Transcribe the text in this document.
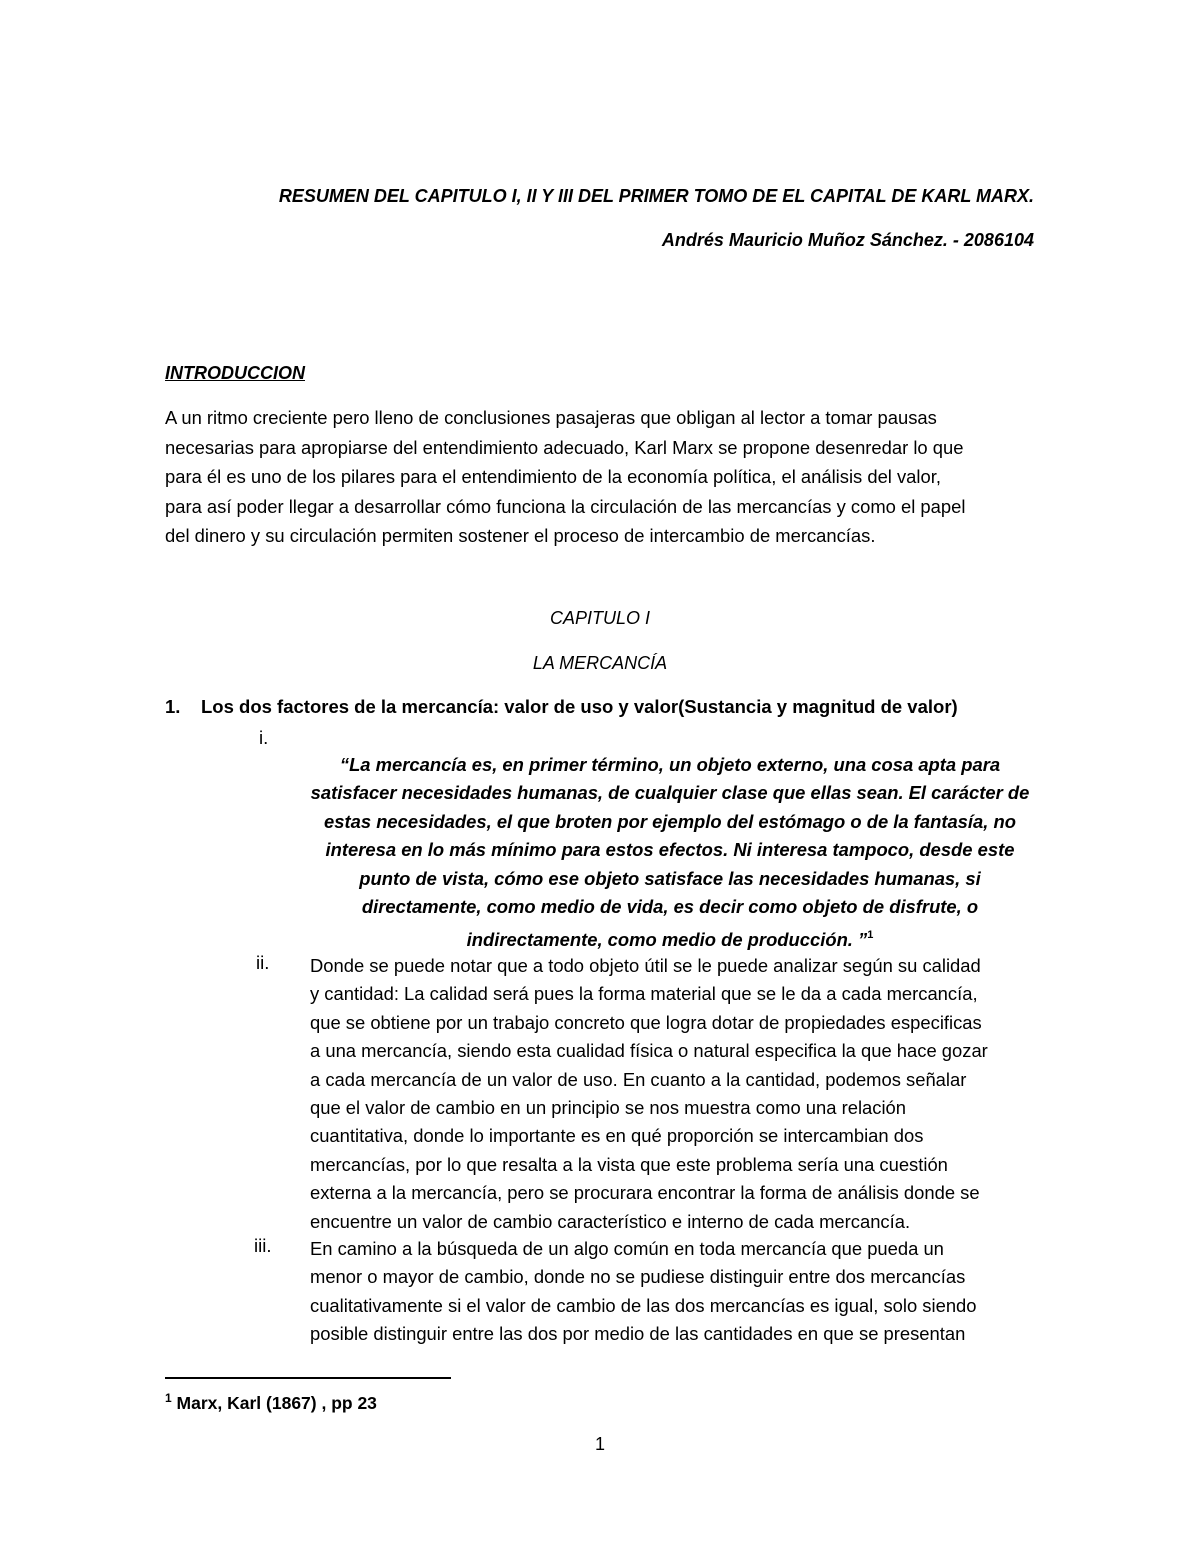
RESUMEN DEL CAPITULO I, II Y III DEL PRIMER TOMO DE EL CAPITAL DE KARL MARX.
Andrés Mauricio Muñoz Sánchez. - 2086104
INTRODUCCION
A un ritmo creciente pero lleno de conclusiones pasajeras que obligan al lector a tomar pausas
necesarias para apropiarse del entendimiento adecuado, Karl Marx se propone desenredar lo que
para él es uno de los pilares para el entendimiento de la economía política, el análisis del valor,
para así poder llegar a desarrollar cómo funciona la circulación de las mercancías y como el papel
del dinero y su circulación permiten sostener el proceso de intercambio de mercancías.
CAPITULO I
LA MERCANCÍA
1. Los dos factores de la mercancía: valor de uso y valor(Sustancia y magnitud de valor)
i.
“La mercancía es, en primer término, un objeto externo, una cosa apta para
satisfacer necesidades humanas, de cualquier clase que ellas sean. El carácter de
estas necesidades, el que broten por ejemplo del estómago o de la fantasía, no
interesa en lo más mínimo para estos efectos. Ni interesa tampoco, desde este
punto de vista, cómo ese objeto satisface las necesidades humanas, si
directamente, como medio de vida, es decir como objeto de disfrute, o
indirectamente, como medio de producción. ”$^1$
ii. Donde se puede notar que a todo objeto útil se le puede analizar según su calidad
y cantidad: La calidad será pues la forma material que se le da a cada mercancía,
que se obtiene por un trabajo concreto que logra dotar de propiedades especificas
a una mercancía, siendo esta cualidad física o natural especifica la que hace gozar
a cada mercancía de un valor de uso. En cuanto a la cantidad, podemos señalar
que el valor de cambio en un principio se nos muestra como una relación
cuantitativa, donde lo importante es en qué proporción se intercambian dos
mercancías, por lo que resalta a la vista que este problema sería una cuestión
externa a la mercancía, pero se procurara encontrar la forma de análisis donde se
encuentre un valor de cambio característico e interno de cada mercancía.
iii. En camino a la búsqueda de un algo común en toda mercancía que pueda un
menor o mayor de cambio, donde no se pudiese distinguir entre dos mercancías
cualitativamente si el valor de cambio de las dos mercancías es igual, solo siendo
posible distinguir entre las dos por medio de las cantidades en que se presentan
$^1$ Marx, Karl (1867) , pp 23
1
